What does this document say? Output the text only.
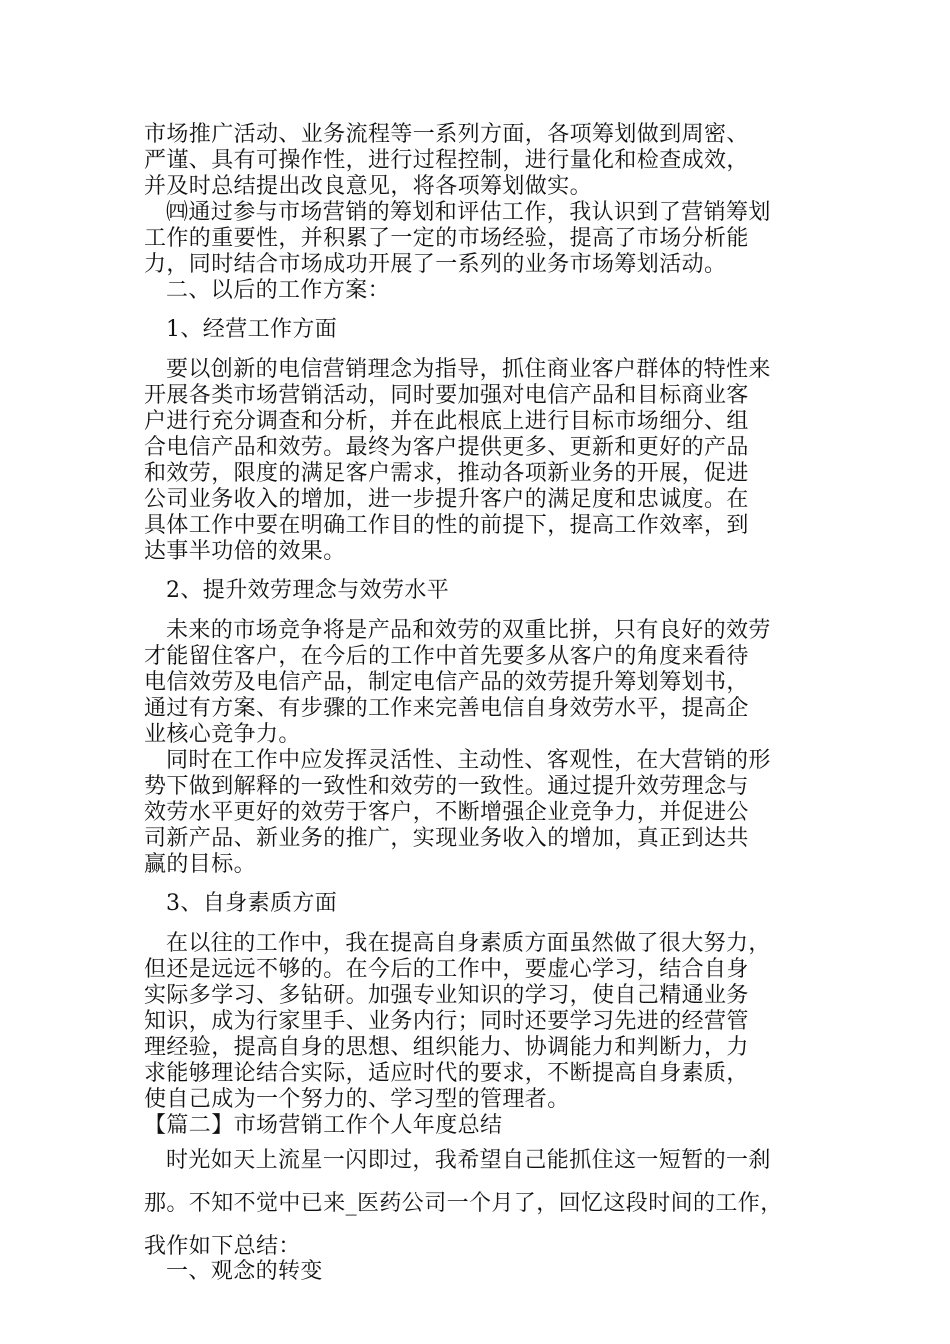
市场推广活动、业务流程等一系列方面，各项筹划做到周密、
严谨、具有可操作性，进行过程控制，进行量化和检查成效，
并及时总结提出改良意见，将各项筹划做实。
㈣通过参与市场营销的筹划和评估工作，我认识到了营销筹划
工作的重要性，并积累了一定的市场经验，提高了市场分析能
力，同时结合市场成功开展了一系列的业务市场筹划活动。
二、以后的工作方案：
1、经营工作方面
要以创新的电信营销理念为指导，抓住商业客户群体的特性来
开展各类市场营销活动，同时要加强对电信产品和目标商业客
户进行充分调查和分析，并在此根底上进行目标市场细分、组
合电信产品和效劳。最终为客户提供更多、更新和更好的产品
和效劳，限度的满足客户需求，推动各项新业务的开展，促进
公司业务收入的增加，进一步提升客户的满足度和忠诚度。在
具体工作中要在明确工作目的性的前提下，提高工作效率，到
达事半功倍的效果。
2、提升效劳理念与效劳水平
未来的市场竞争将是产品和效劳的双重比拼，只有良好的效劳
才能留住客户，在今后的工作中首先要多从客户的角度来看待
电信效劳及电信产品，制定电信产品的效劳提升筹划筹划书，
通过有方案、有步骤的工作来完善电信自身效劳水平，提高企
业核心竞争力。
同时在工作中应发挥灵活性、主动性、客观性，在大营销的形
势下做到解释的一致性和效劳的一致性。通过提升效劳理念与
效劳水平更好的效劳于客户，不断增强企业竞争力，并促进公
司新产品、新业务的推广，实现业务收入的增加，真正到达共
赢的目标。
3、自身素质方面
在以往的工作中，我在提高自身素质方面虽然做了很大努力，
但还是远远不够的。在今后的工作中，要虚心学习，结合自身
实际多学习、多钻研。加强专业知识的学习，使自己精通业务
知识，成为行家里手、业务内行；同时还要学习先进的经营管
理经验，提高自身的思想、组织能力、协调能力和判断力，力
求能够理论结合实际，适应时代的要求，不断提高自身素质，
使自己成为一个努力的、学习型的管理者。
【篇二】市场营销工作个人年度总结
时光如天上流星一闪即过，我希望自己能抓住这一短暂的一刹
那。不知不觉中已来_医药公司一个月了，回忆这段时间的工作，
我作如下总结：
一、观念的转变
